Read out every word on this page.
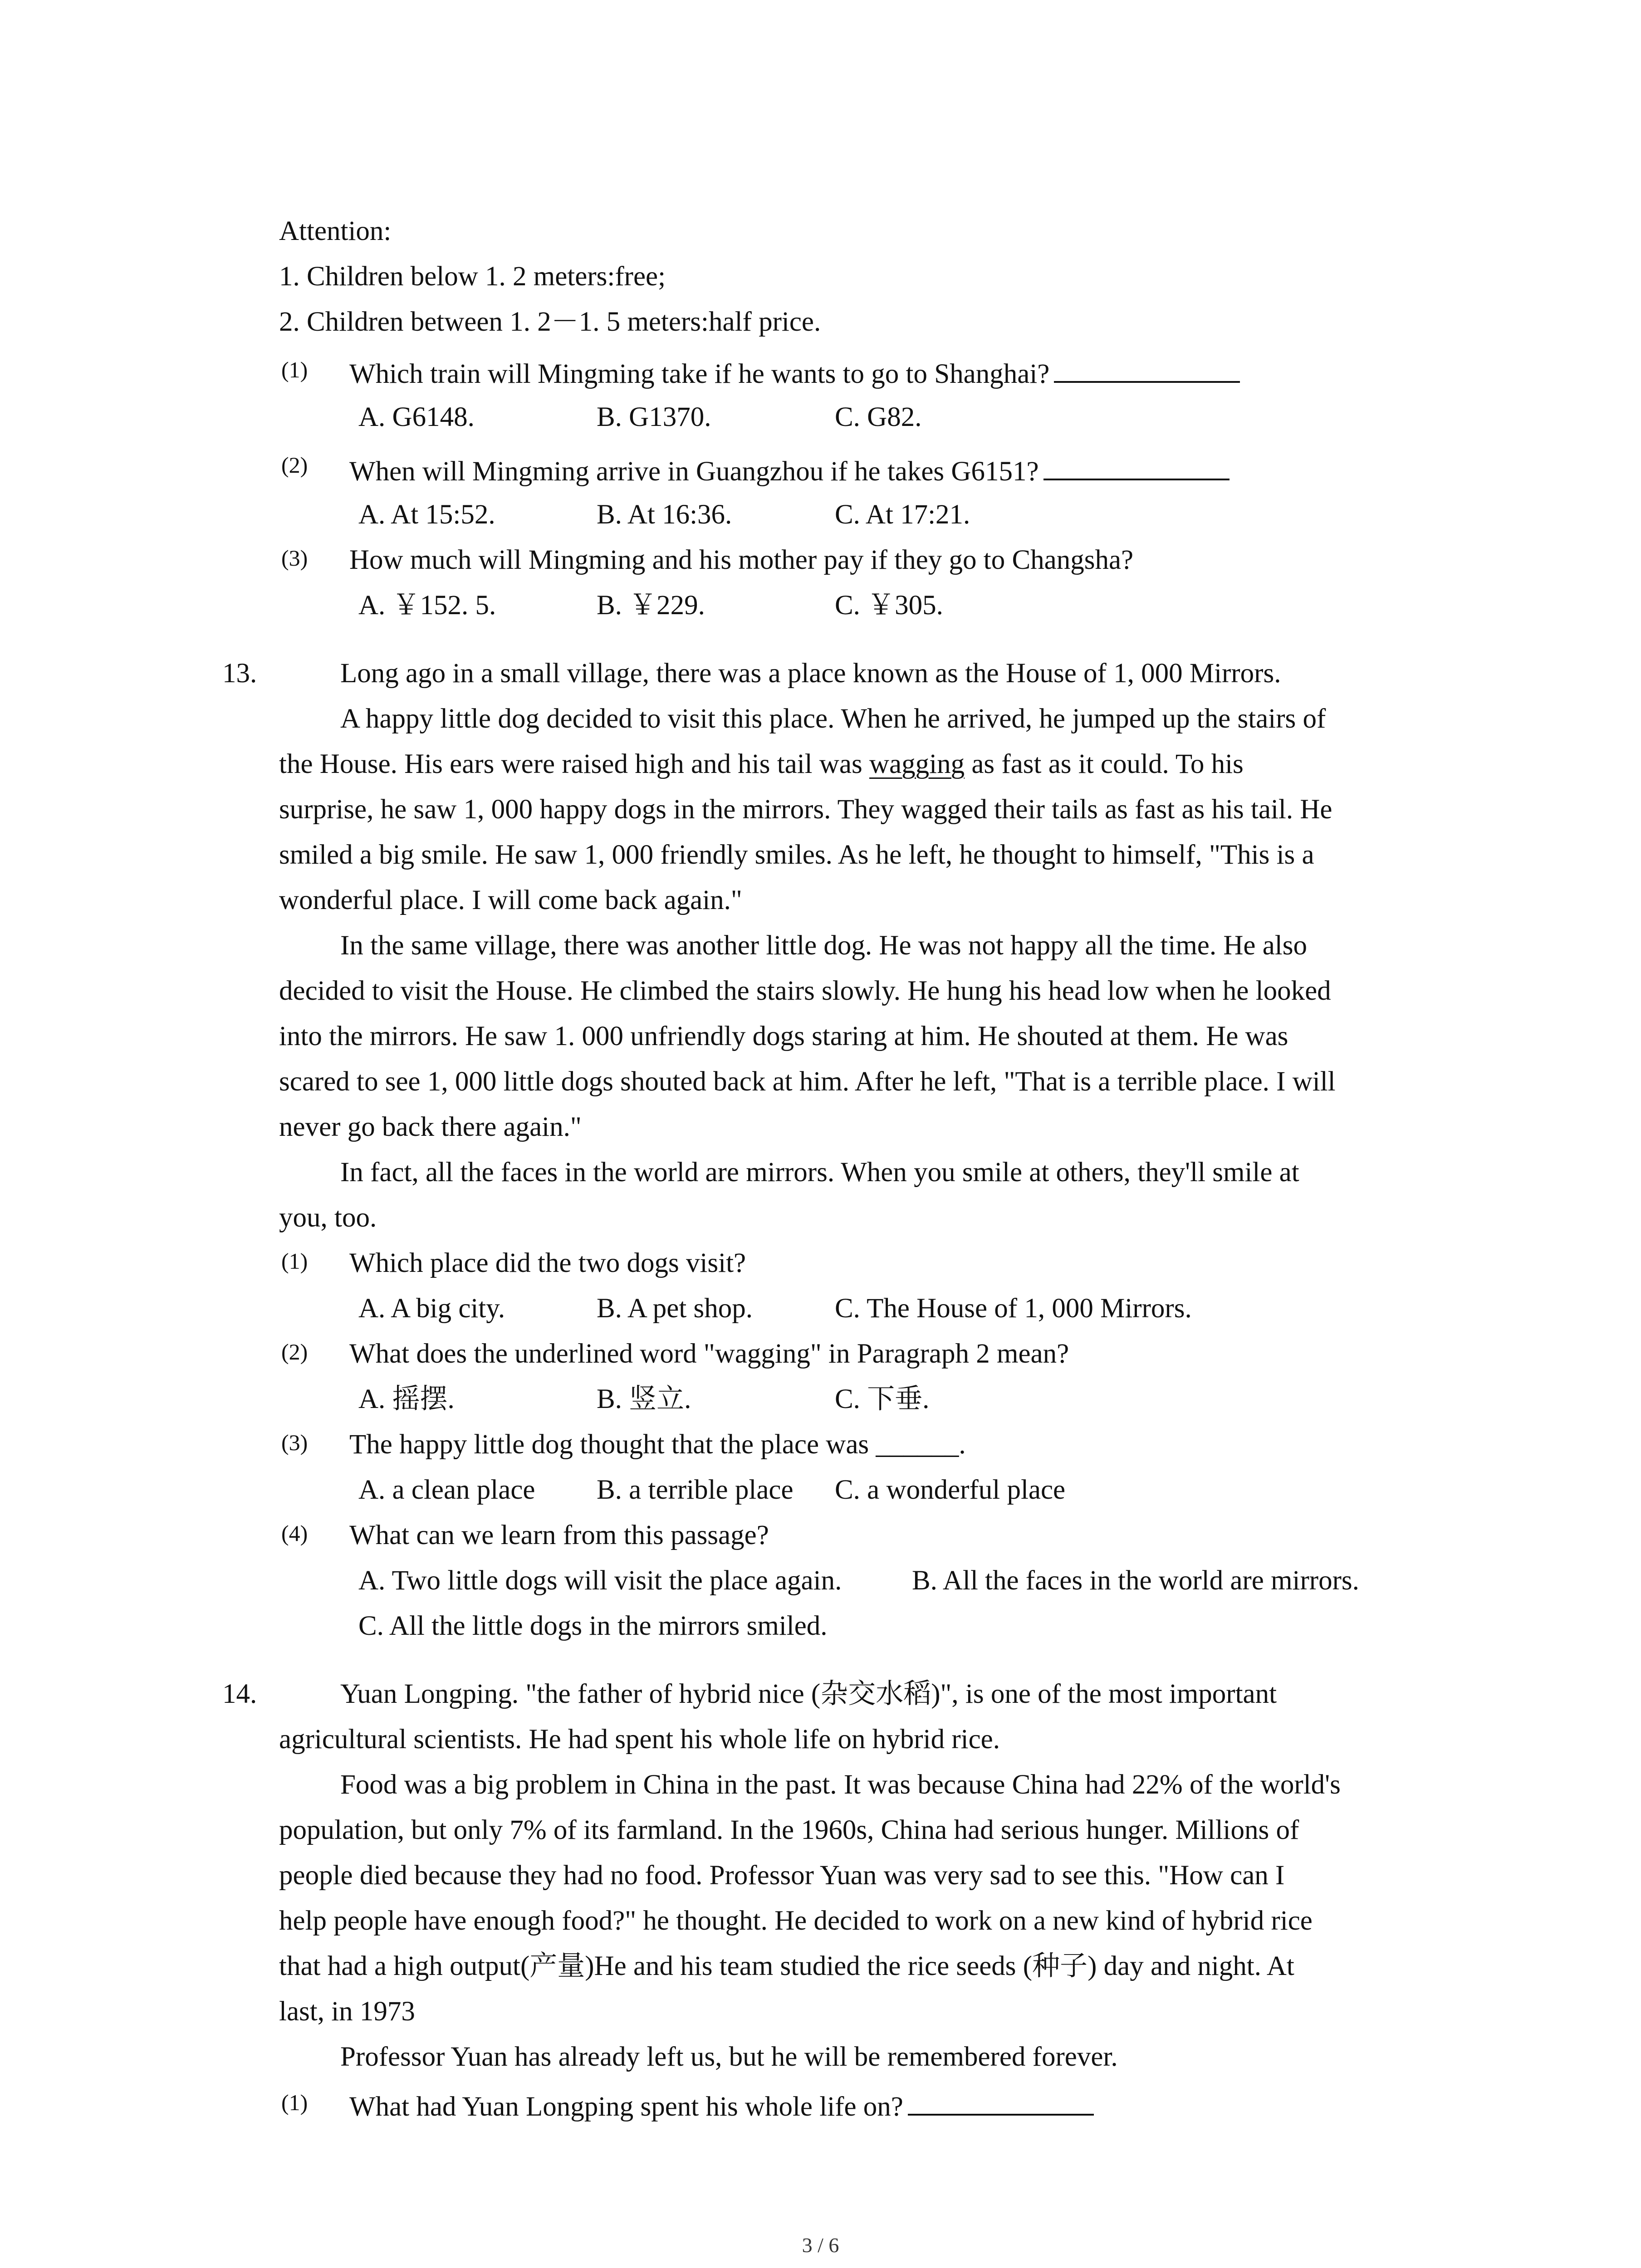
Attention:
1. Children below 1. 2 meters:free;
2. Children between 1. 2－1. 5 meters:half price.
(1) Which train will Mingming take if he wants to go to Shanghai?
A. G6148.	B. G1370.	C. G82.
(2) When will Mingming arrive in Guangzhou if he takes G6151?
A. At 15:52.	B. At 16:36.	C. At 17:21.
(3) How much will Mingming and his mother pay if they go to Changsha?
A. ￥152. 5.	B. ￥229.	C. ￥305.
13.	Long ago in a small village, there was a place known as the House of 1, 000 Mirrors.
A happy little dog decided to visit this place. When he arrived, he jumped up the stairs of
the House. His ears were raised high and his tail was wagging as fast as it could. To his
surprise, he saw 1, 000 happy dogs in the mirrors. They wagged their tails as fast as his tail. He
smiled a big smile. He saw 1, 000 friendly smiles. As he left, he thought to himself, "This is a
wonderful place. I will come back again."
In the same village, there was another little dog. He was not happy all the time. He also
decided to visit the House. He climbed the stairs slowly. He hung his head low when he looked
into the mirrors. He saw 1. 000 unfriendly dogs staring at him. He shouted at them. He was
scared to see 1, 000 little dogs shouted back at him. After he left, "That is a terrible place. I will
never go back there again."
In fact, all the faces in the world are mirrors. When you smile at others, they'll smile at
you, too.
(1) Which place did the two dogs visit?
A. A big city.	B. A pet shop.	C. The House of 1, 000 Mirrors.
(2) What does the underlined word "wagging" in Paragraph 2 mean?
A. 摇摆.	B. 竖立.	C. 下垂.
(3) The happy little dog thought that the place was ______.
A. a clean place B. a terrible place C. a wonderful place
(4) What can we learn from this passage?
A. Two little dogs will visit the place again.	B. All the faces in the world are mirrors.
C. All the little dogs in the mirrors smiled.
14.	Yuan Longping. "the father of hybrid nice (杂交水稻)", is one of the most important
agricultural scientists. He had spent his whole life on hybrid rice.
Food was a big problem in China in the past. It was because China had 22% of the world's
population, but only 7% of its farmland. In the 1960s, China had serious hunger. Millions of
people died because they had no food. Professor Yuan was very sad to see this. "How can I
help people have enough food?" he thought. He decided to work on a new kind of hybrid rice
that had a high output(产量)He and his team studied the rice seeds (种子) day and night. At
last, in 1973
Professor Yuan has already left us, but he will be remembered forever.
(1) What had Yuan Longping spent his whole life on?
3 / 6
